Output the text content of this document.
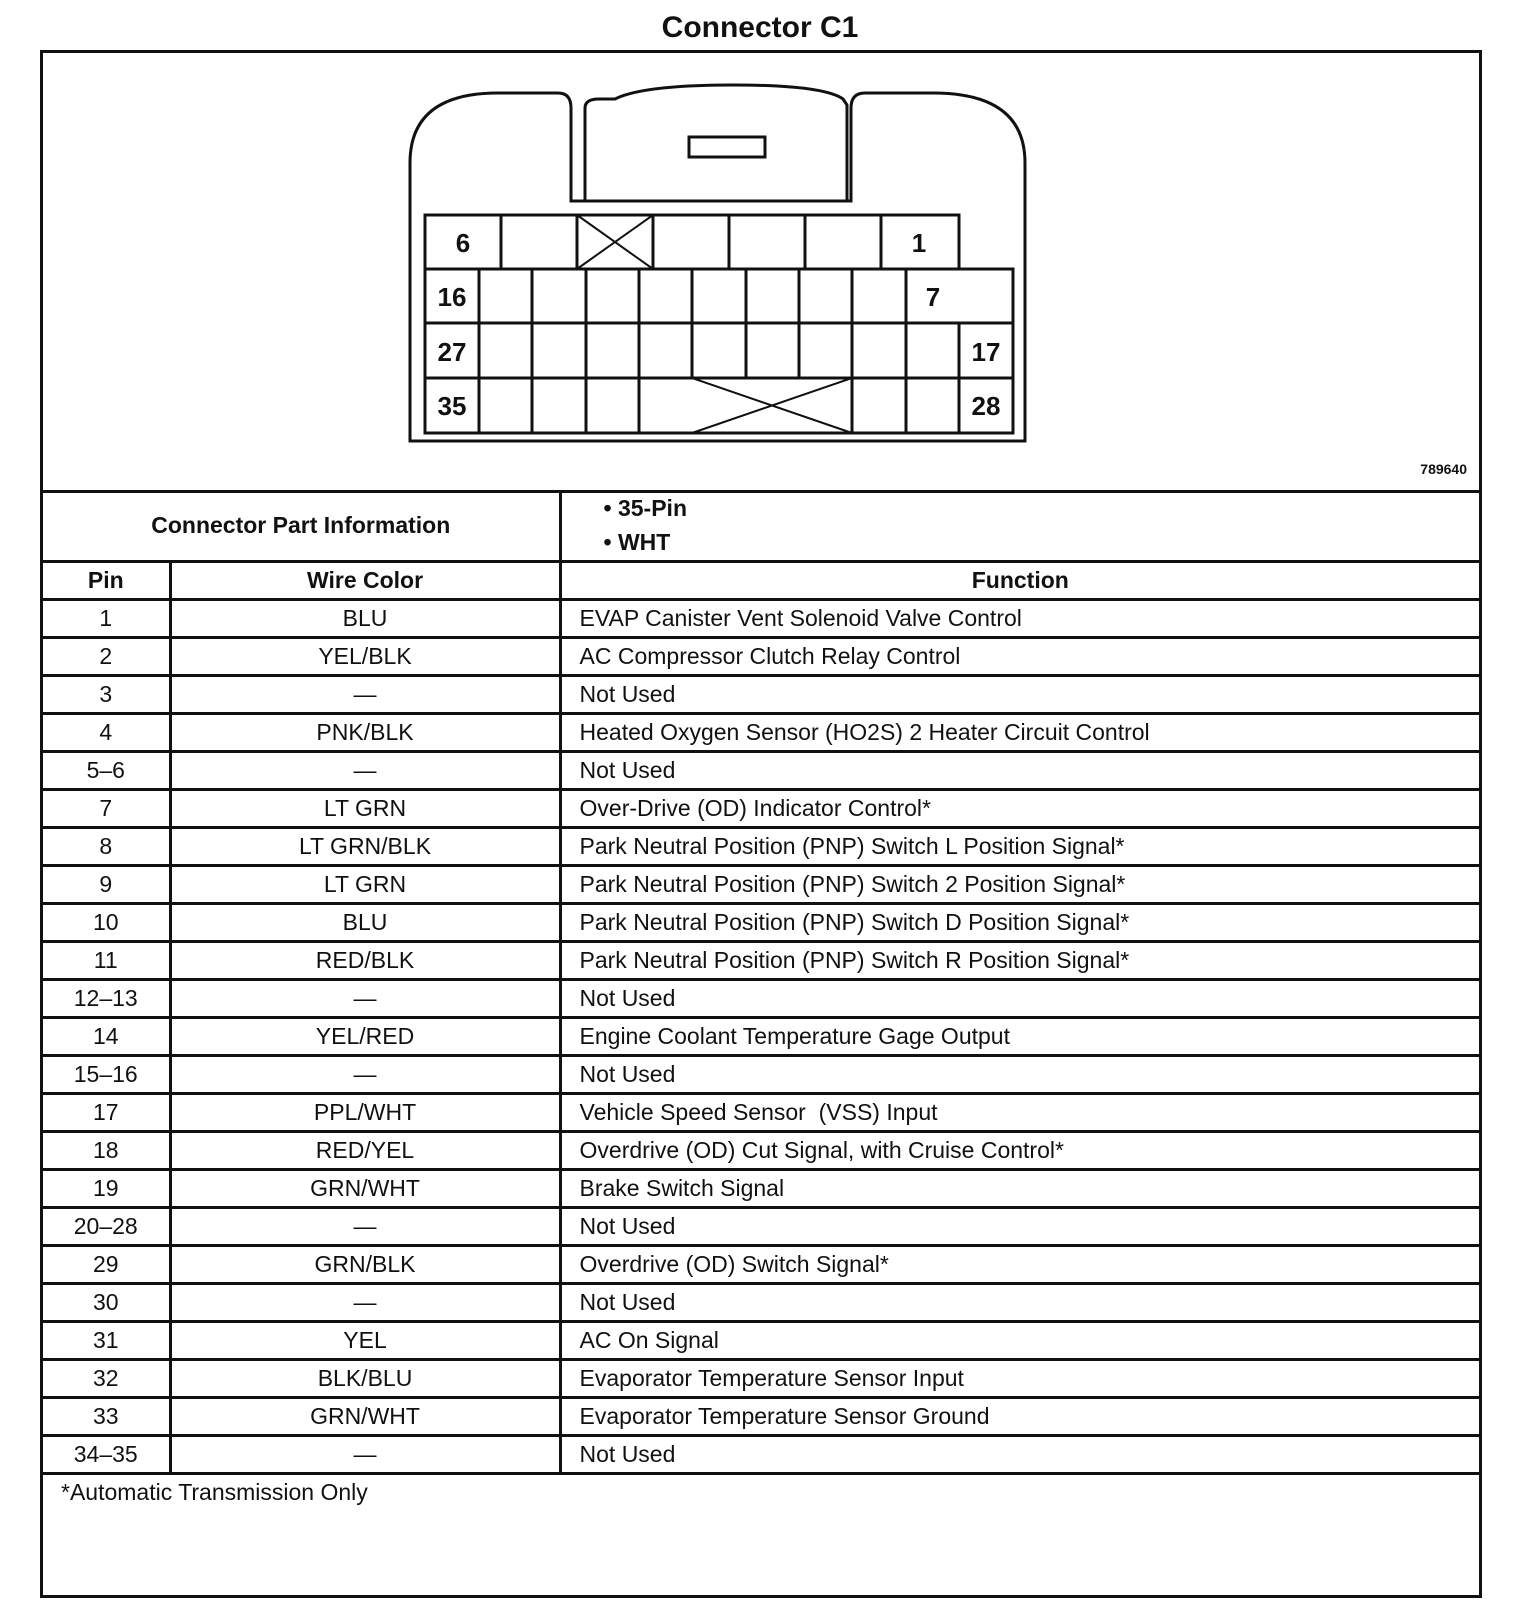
Connector C1
6	1
16	7
27	17
35	28
789640
Connector Part Information		• 35-Pin
• WHT

Pin	Wire Color	Function
1	BLU	EVAP Canister Vent Solenoid Valve Control
2	YEL/BLK	AC Compressor Clutch Relay Control
3	—	Not Used
4	PNK/BLK	Heated Oxygen Sensor (HO2S) 2 Heater Circuit Control
5–6	—	Not Used
7	LT GRN	Over-Drive (OD) Indicator Control*
8	LT GRN/BLK	Park Neutral Position (PNP) Switch L Position Signal*
9	LT GRN	Park Neutral Position (PNP) Switch 2 Position Signal*
10	BLU	Park Neutral Position (PNP) Switch D Position Signal*
11	RED/BLK	Park Neutral Position (PNP) Switch R Position Signal*
12–13	—	Not Used
14	YEL/RED	Engine Coolant Temperature Gage Output
15–16	—	Not Used
17	PPL/WHT	Vehicle Speed Sensor  (VSS) Input
18	RED/YEL	Overdrive (OD) Cut Signal, with Cruise Control*
19	GRN/WHT	Brake Switch Signal
20–28	—	Not Used
29	GRN/BLK	Overdrive (OD) Switch Signal*
30	—	Not Used
31	YEL	AC On Signal
32	BLK/BLU	Evaporator Temperature Sensor Input
33	GRN/WHT	Evaporator Temperature Sensor Ground
34–35	—	Not Used
*Automatic Transmission Only		
